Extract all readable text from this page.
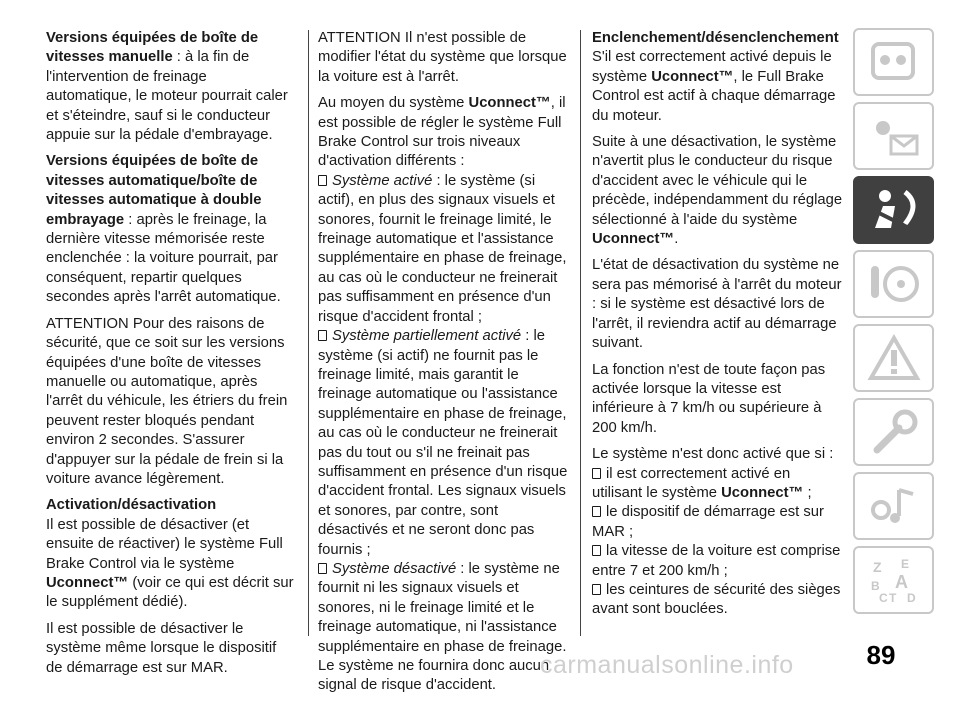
Versions équipées de boîte de vitesses manuelle : à la fin de l'intervention de freinage automatique, le moteur pourrait caler et s'éteindre, sauf si le conducteur appuie sur la pédale d'embrayage.

Versions équipées de boîte de vitesses automatique/boîte de vitesses automatique à double embrayage : après le freinage, la dernière vitesse mémorisée reste enclenchée : la voiture pourrait, par conséquent, repartir quelques secondes après l'arrêt automatique.

ATTENTION Pour des raisons de sécurité, que ce soit sur les versions équipées d'une boîte de vitesses manuelle ou automatique, après l'arrêt du véhicule, les étriers du frein peuvent rester bloqués pendant environ 2 secondes. S'assurer d'appuyer sur la pédale de frein si la voiture avance légèrement.

Activation/désactivation

Il est possible de désactiver (et ensuite de réactiver) le système Full Brake Control via le système Uconnect™ (voir ce qui est décrit sur le supplément dédié).

Il est possible de désactiver le système même lorsque le dispositif de démarrage est sur MAR.

ATTENTION Il n'est possible de modifier l'état du système que lorsque la voiture est à l'arrêt.

Au moyen du système Uconnect™, il est possible de régler le système Full Brake Control sur trois niveaux d'activation différents :

Système activé : le système (si actif), en plus des signaux visuels et sonores, fournit le freinage limité, le freinage automatique et l'assistance supplémentaire en phase de freinage, au cas où le conducteur ne freinerait pas suffisamment en présence d'un risque d'accident frontal ;

Système partiellement activé : le système (si actif) ne fournit pas le freinage limité, mais garantit le freinage automatique ou l'assistance supplémentaire en phase de freinage, au cas où le conducteur ne freinerait pas du tout ou s'il ne freinait pas suffisamment en présence d'un risque d'accident frontal. Les signaux visuels et sonores, par contre, sont désactivés et ne seront donc pas fournis ;

Système désactivé : le système ne fournit ni les signaux visuels et sonores, ni le freinage limité et le freinage automatique, ni l'assistance supplémentaire en phase de freinage. Le système ne fournira donc aucun signal de risque d'accident.

Enclenchement/désenclenchement

S'il est correctement activé depuis le système Uconnect™, le Full Brake Control est actif à chaque démarrage du moteur.

Suite à une désactivation, le système n'avertit plus le conducteur du risque d'accident avec le véhicule qui le précède, indépendamment du réglage sélectionné à l'aide du système Uconnect™.

L'état de désactivation du système ne sera pas mémorisé à l'arrêt du moteur : si le système est désactivé lors de l'arrêt, il reviendra actif au démarrage suivant.

La fonction n'est de toute façon pas activée lorsque la vitesse est inférieure à 7 km/h ou supérieure à 200 km/h.

Le système n'est donc activé que si :

il est correctement activé en utilisant le système Uconnect™ ;

le dispositif de démarrage est sur MAR ;

la vitesse de la voiture est comprise entre 7 et 200 km/h ;

les ceintures de sécurité des sièges avant sont bouclées.

Z E
B A
C T D
89
carmanualsonline.info
